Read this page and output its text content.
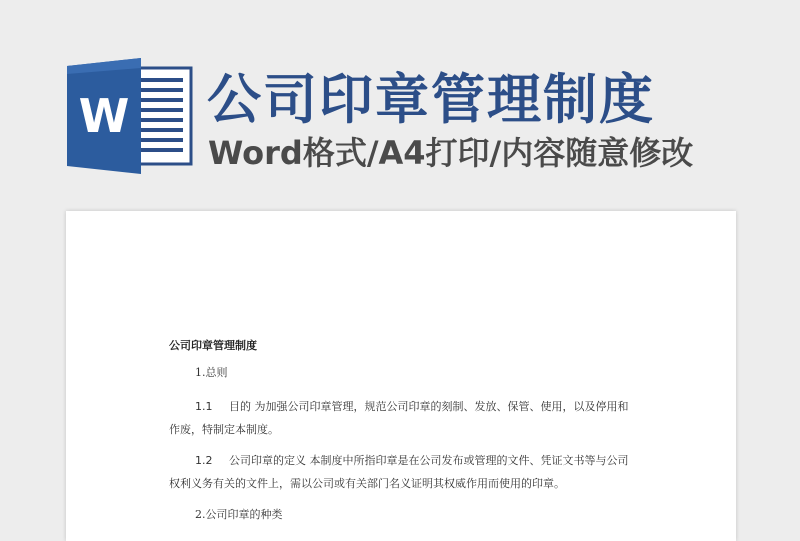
W 公司印章管理制度
Word格式/A4打印/内容随意修改
公司印章管理制度
1.总则
1.1 目的 为加强公司印章管理，规范公司印章的刻制、发放、保管、使用，以及停用和
作废，特制定本制度。
1.2 公司印章的定义 本制度中所指印章是在公司发布或管理的文件、凭证文书等与公司
权利义务有关的文件上，需以公司或有关部门名义证明其权威作用而使用的印章。
2.公司印章的种类
